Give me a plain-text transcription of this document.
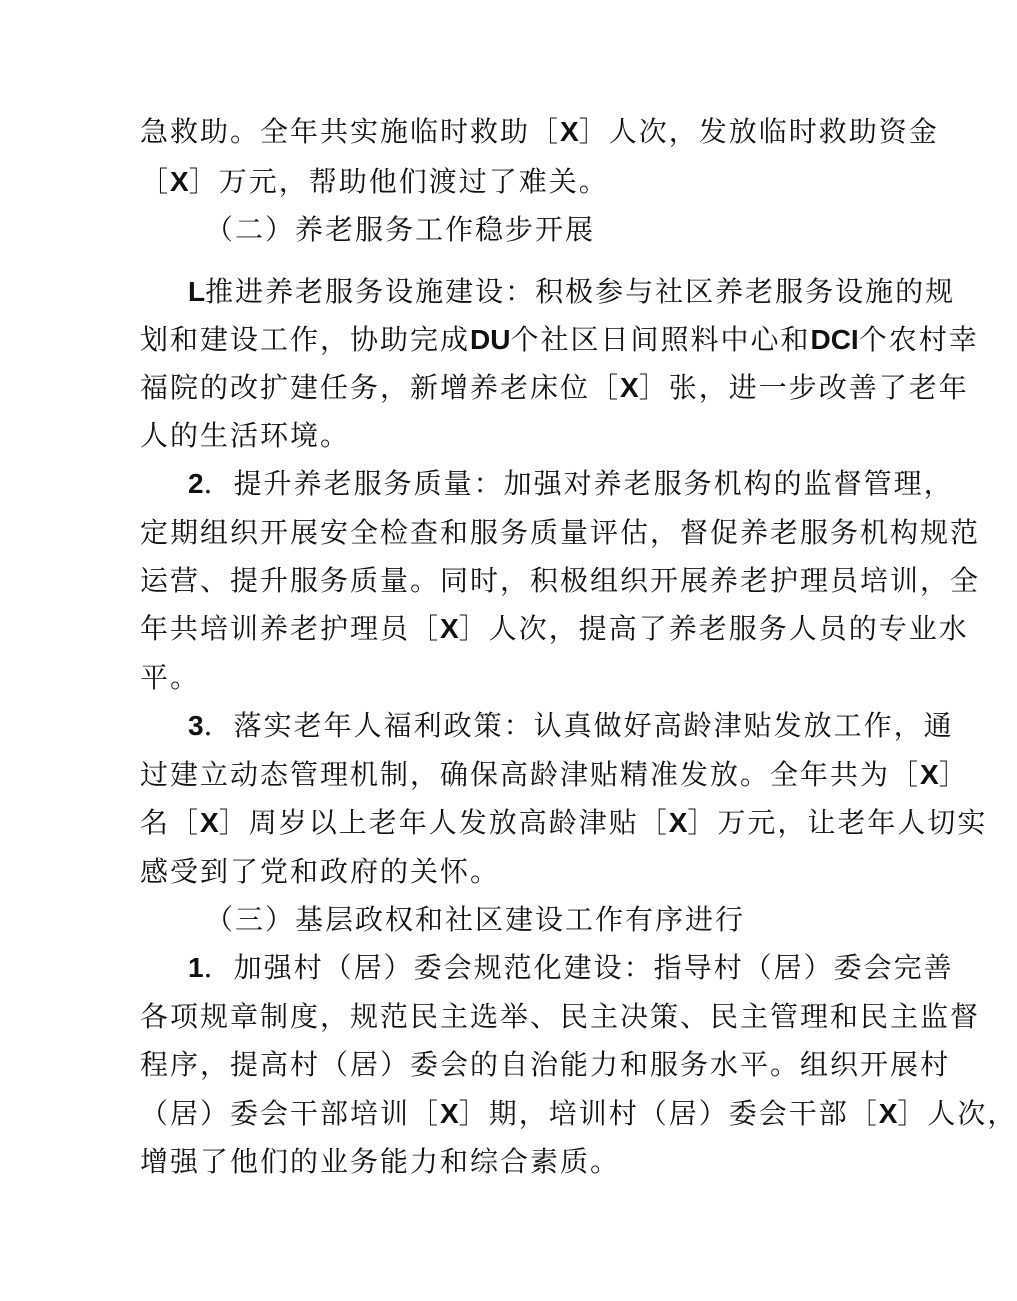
急救助。全年共实施临时救助［X］人次，发放临时救助资金
［X］万元，帮助他们渡过了难关。
（二）养老服务工作稳步开展
L推进养老服务设施建设：积极参与社区养老服务设施的规
划和建设工作，协助完成DU个社区日间照料中心和DCI个农村幸
福院的改扩建任务，新增养老床位［X］张，进一步改善了老年
人的生活环境。
2．提升养老服务质量：加强对养老服务机构的监督管理，
定期组织开展安全检查和服务质量评估，督促养老服务机构规范
运营、提升服务质量。同时，积极组织开展养老护理员培训，全
年共培训养老护理员［X］人次，提高了养老服务人员的专业水
平。
3．落实老年人福利政策：认真做好高龄津贴发放工作，通
过建立动态管理机制，确保高龄津贴精准发放。全年共为［X］
名［X］周岁以上老年人发放高龄津贴［X］万元，让老年人切实
感受到了党和政府的关怀。
（三）基层政权和社区建设工作有序进行
1．加强村（居）委会规范化建设：指导村（居）委会完善
各项规章制度，规范民主选举、民主决策、民主管理和民主监督
程序，提高村（居）委会的自治能力和服务水平。组织开展村
（居）委会干部培训［X］期，培训村（居）委会干部［X］人次，
增强了他们的业务能力和综合素质。
